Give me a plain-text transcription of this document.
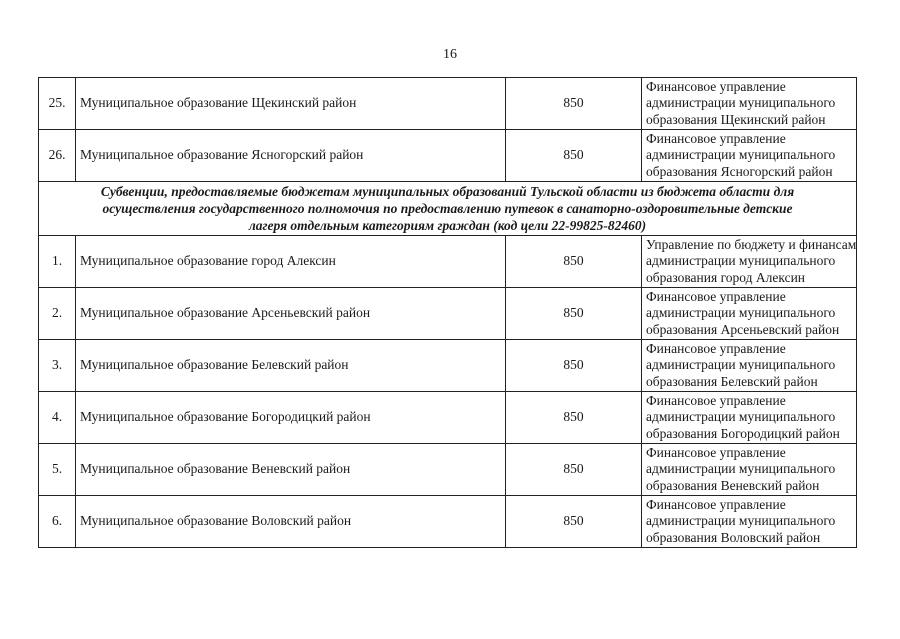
16
25.	Муниципальное образование Щекинский район	850	Финансовое управление
администрации муниципального
образования Щекинский район

26.	Муниципальное образование Ясногорский район	850	Финансовое управление
администрации муниципального
образования Ясногорский район

Субвенции, предоставляемые бюджетам муниципальных образований Тульской области из бюджета области для
осуществления государственного полномочия по предоставлению путевок в санаторно-оздоровительные детские
лагеря отдельным категориям граждан (код цели 22-99825-82460)			

1.	Муниципальное образование город Алексин	850	Управление по бюджету и финансам
администрации муниципального
образования город Алексин

2.	Муниципальное образование Арсеньевский район	850	Финансовое управление
администрации муниципального
образования Арсеньевский район

3.	Муниципальное образование Белевский район	850	Финансовое управление
администрации муниципального
образования Белевский район

4.	Муниципальное образование Богородицкий район	850	Финансовое управление
администрации муниципального
образования Богородицкий район

5.	Муниципальное образование Веневский район	850	Финансовое управление
администрации муниципального
образования Веневский район

6.	Муниципальное образование Воловский район	850	Финансовое управление
администрации муниципального
образования Воловский район
